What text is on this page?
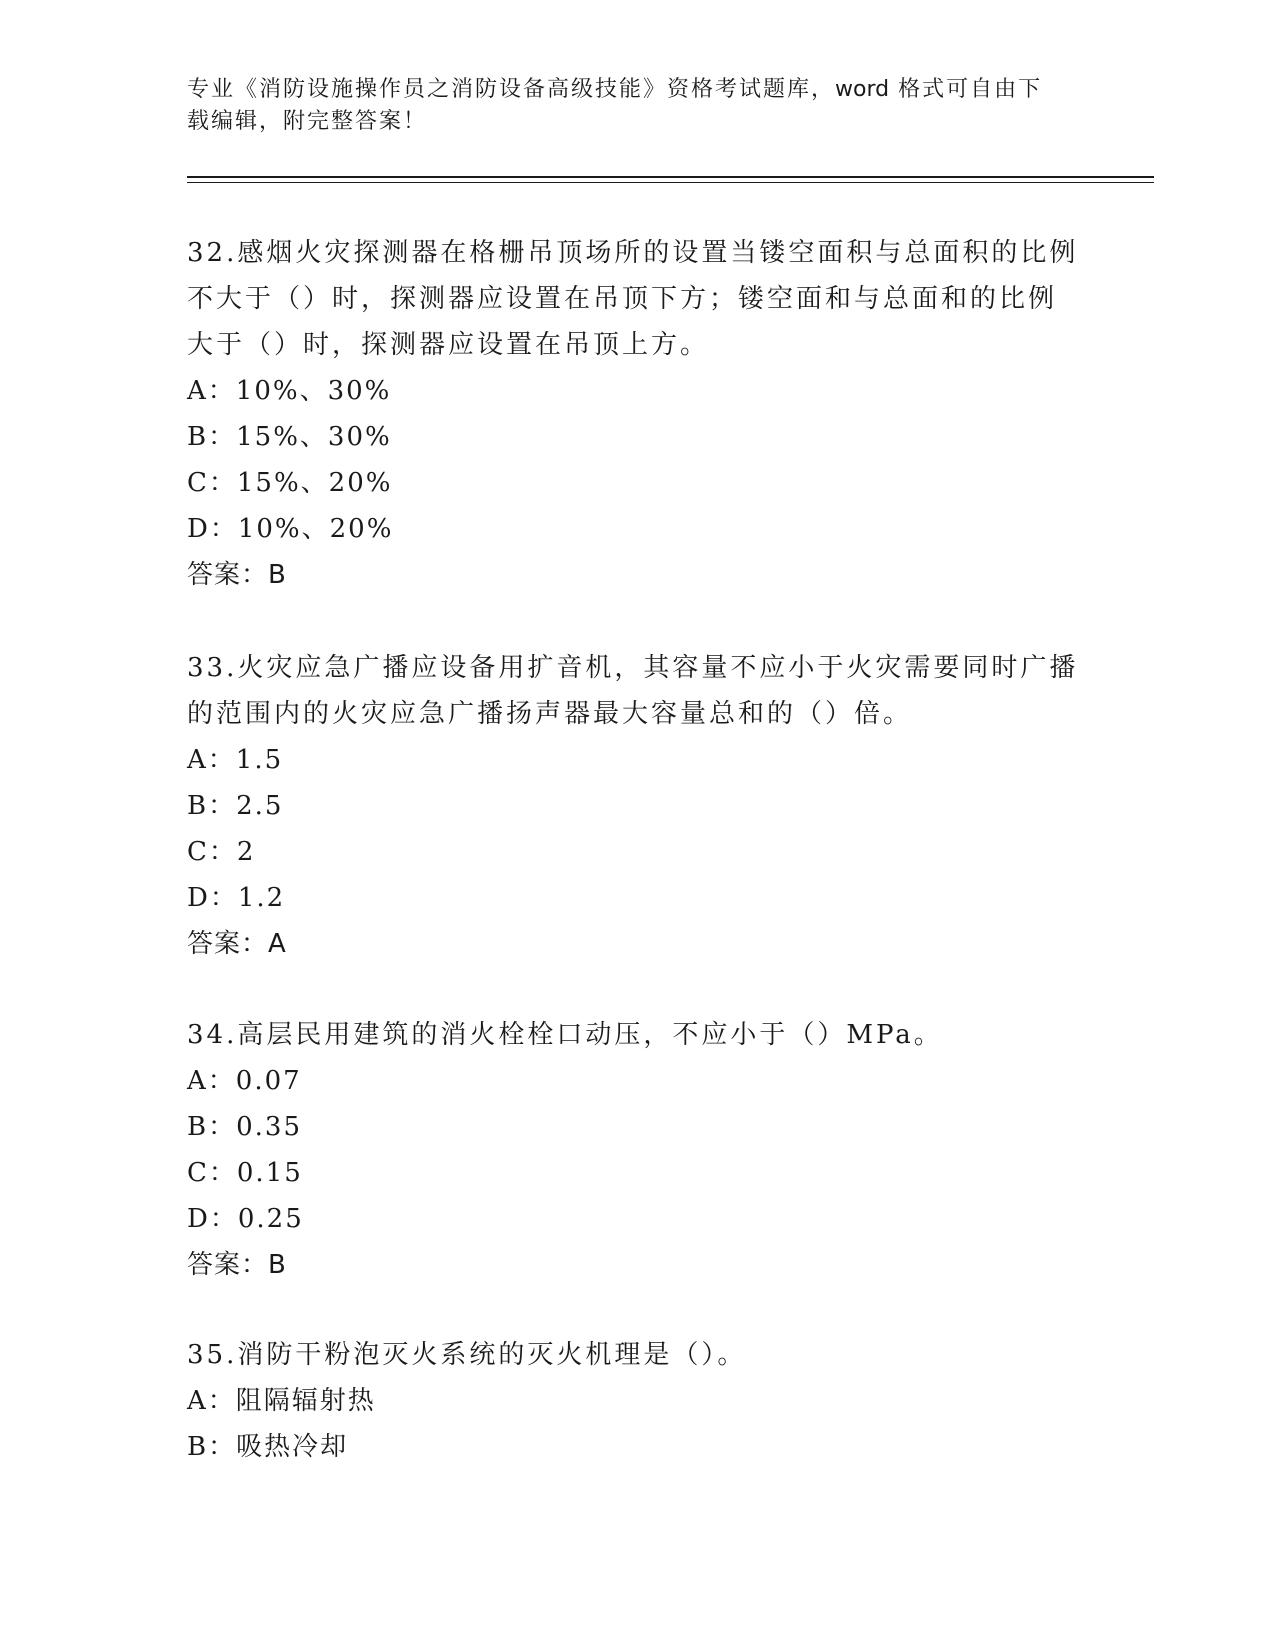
专业《消防设施操作员之消防设备高级技能》资格考试题库，word 格式可自由下
载编辑，附完整答案！

32.感烟火灾探测器在格栅吊顶场所的设置当镂空面积与总面积的比例

不大于（）时，探测器应设置在吊顶下方；镂空面和与总面和的比例

大于（）时，探测器应设置在吊顶上方。

A：10%、30%

B：15%、30%

C：15%、20%

D：10%、20%

答案：B

33.火灾应急广播应设备用扩音机，其容量不应小于火灾需要同时广播

的范围内的火灾应急广播扬声器最大容量总和的（）倍。

A：1.5

B：2.5

C：2

D：1.2

答案：A

34.高层民用建筑的消火栓栓口动压，不应小于（）MPa。

A：0.07

B：0.35

C：0.15

D：0.25

答案：B

35.消防干粉泡灭火系统的灭火机理是（）。

A：阻隔辐射热

B：吸热冷却
